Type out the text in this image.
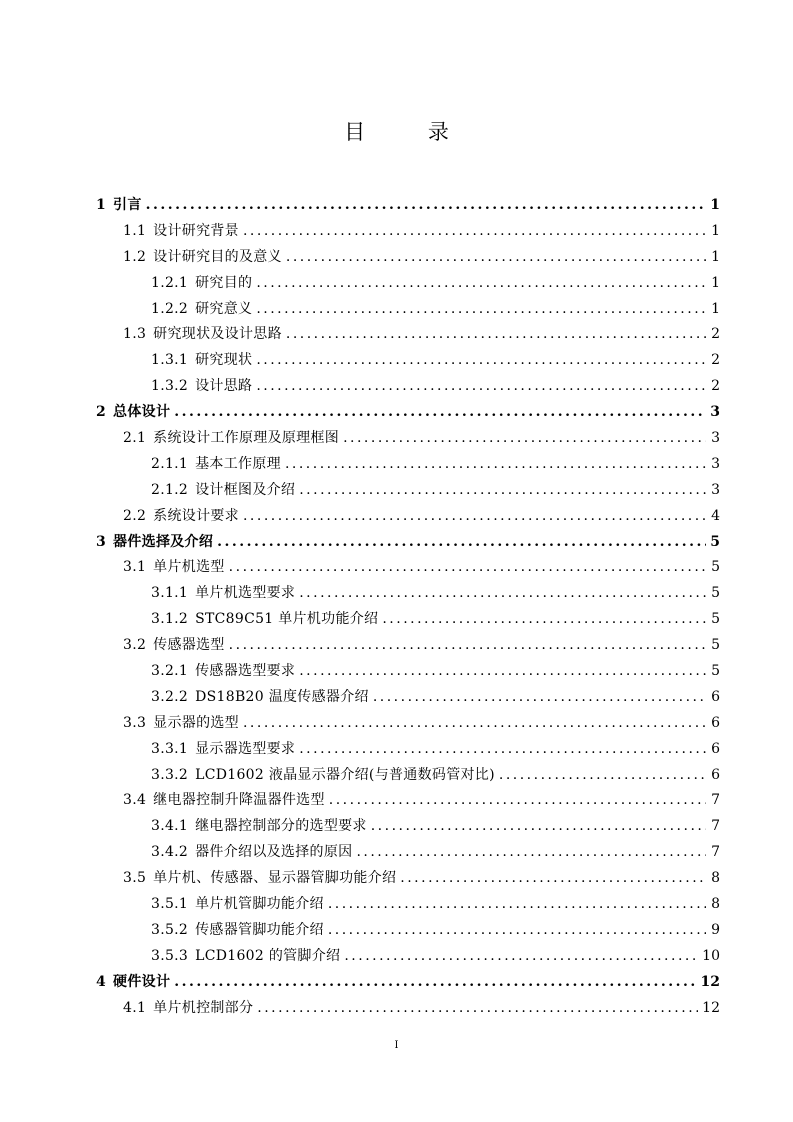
目 录
1 引言 .....	1
1.1 设计研究背景 .....	1
1.2 设计研究目的及意义 .....	1
1.2.1 研究目的 .....	1
1.2.2 研究意义 .....	1
1.3 研究现状及设计思路 .....	2
1.3.1 研究现状 .....	2
1.3.2 设计思路 .....	2
2 总体设计 .....	3
2.1 系统设计工作原理及原理框图 .....	3
2.1.1 基本工作原理 .....	3
2.1.2 设计框图及介绍 .....	3
2.2 系统设计要求 .....	4
3 器件选择及介绍 .....	5
3.1 单片机选型 .....	5
3.1.1 单片机选型要求 .....	5
3.1.2 STC89C51 单片机功能介绍 .....	5
3.2 传感器选型 .....	5
3.2.1 传感器选型要求 .....	5
3.2.2 DS18B20 温度传感器介绍 .....	6
3.3 显示器的选型 .....	6
3.3.1 显示器选型要求 .....	6
3.3.2 LCD1602 液晶显示器介绍(与普通数码管对比) .....	6
3.4 继电器控制升降温器件选型 .....	7
3.4.1 继电器控制部分的选型要求 .....	7
3.4.2 器件介绍以及选择的原因 .....	7
3.5 单片机、传感器、显示器管脚功能介绍 .....	8
3.5.1 单片机管脚功能介绍 .....	8
3.5.2 传感器管脚功能介绍 .....	9
3.5.3 LCD1602 的管脚介绍 .....	10
4 硬件设计 .....	12
4.1 单片机控制部分 .....	12
I
